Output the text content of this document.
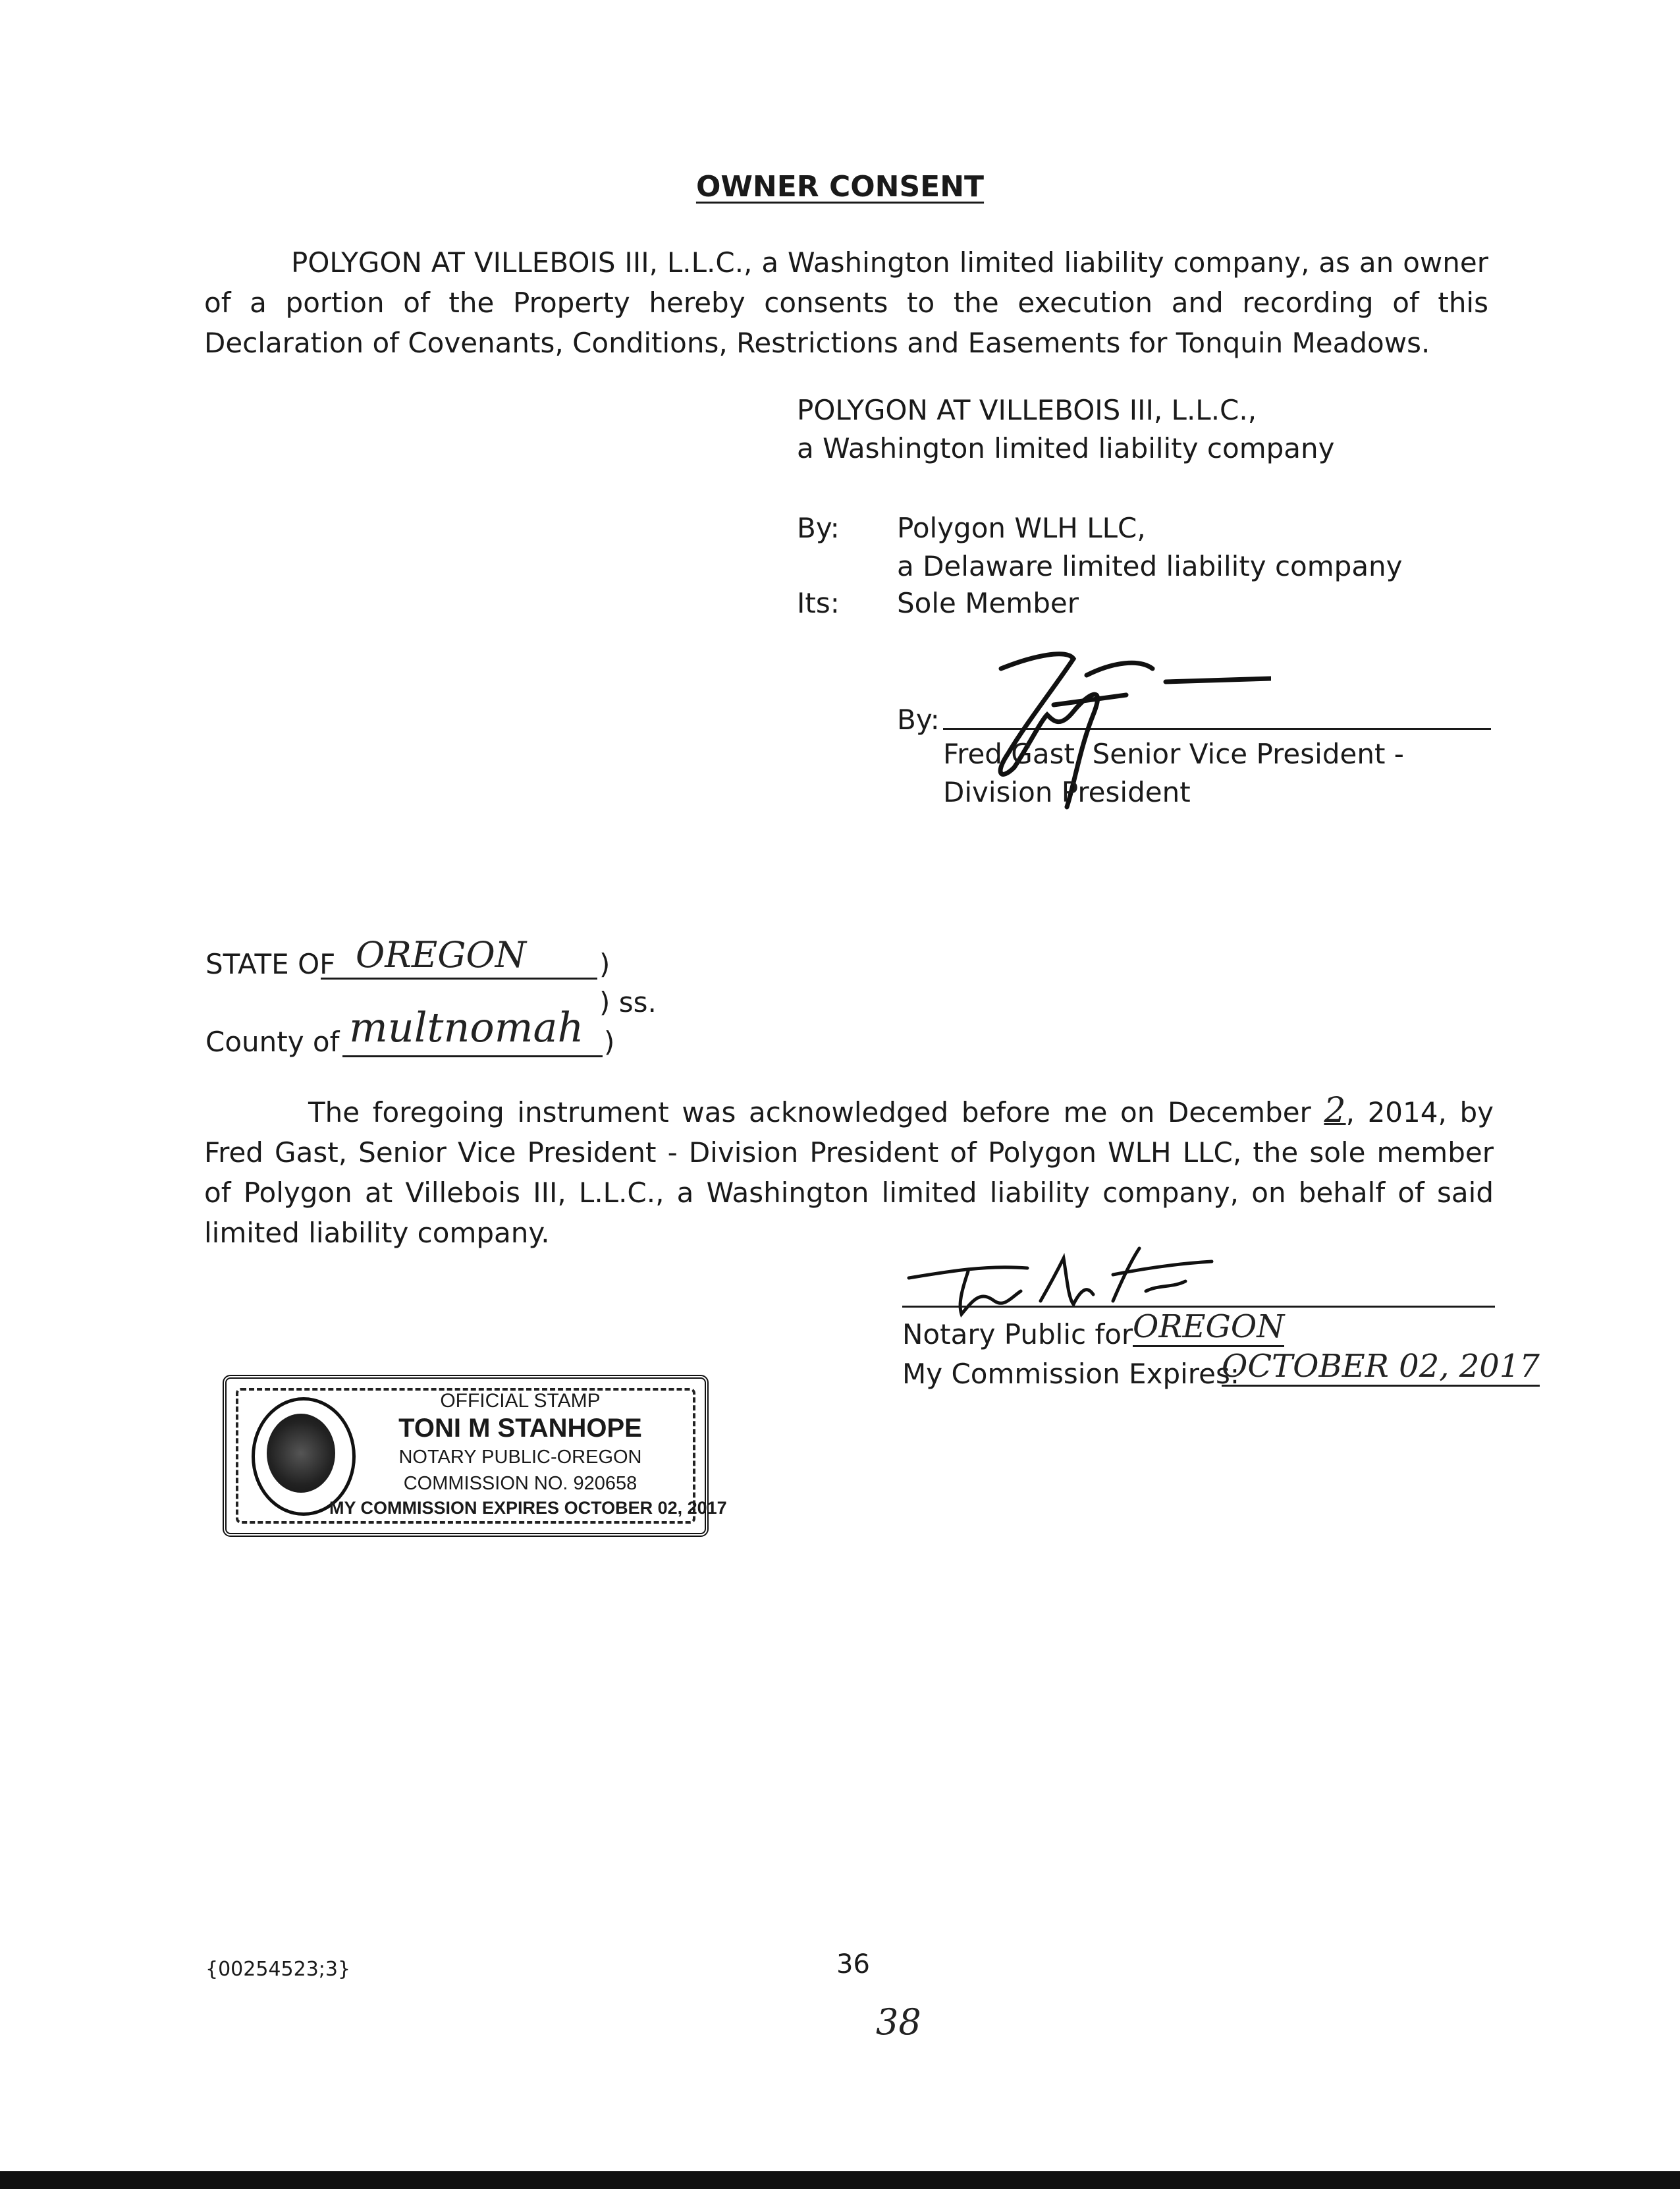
OWNER CONSENT
POLYGON AT VILLEBOIS III, L.L.C., a Washington limited liability company, as an owner of a portion of the Property hereby consents to the execution and recording of this Declaration of Covenants, Conditions, Restrictions and Easements for Tonquin Meadows.
POLYGON AT VILLEBOIS III, L.L.C.,
a Washington limited liability company
By: Polygon WLH LLC,
a Delaware limited liability company
Its: Sole Member
By:
Fred Gast, Senior Vice President -
Division President
STATE OF OREGON	)
) ss.
County of multnomah )
The foregoing instrument was acknowledged before me on December 2, 2014, by Fred Gast, Senior Vice President - Division President of Polygon WLH LLC, the sole member of Polygon at Villebois III, L.L.C., a Washington limited liability company, on behalf of said limited liability company.
Notary Public for OREGON
My Commission Expires:
OCTOBER 02, 2017
OFFICIAL STAMP
TONI M STANHOPE
NOTARY PUBLIC-OREGON
COMMISSION NO. 920658
MY COMMISSION EXPIRES OCTOBER 02, 2017
{00254523;3}	36
38
